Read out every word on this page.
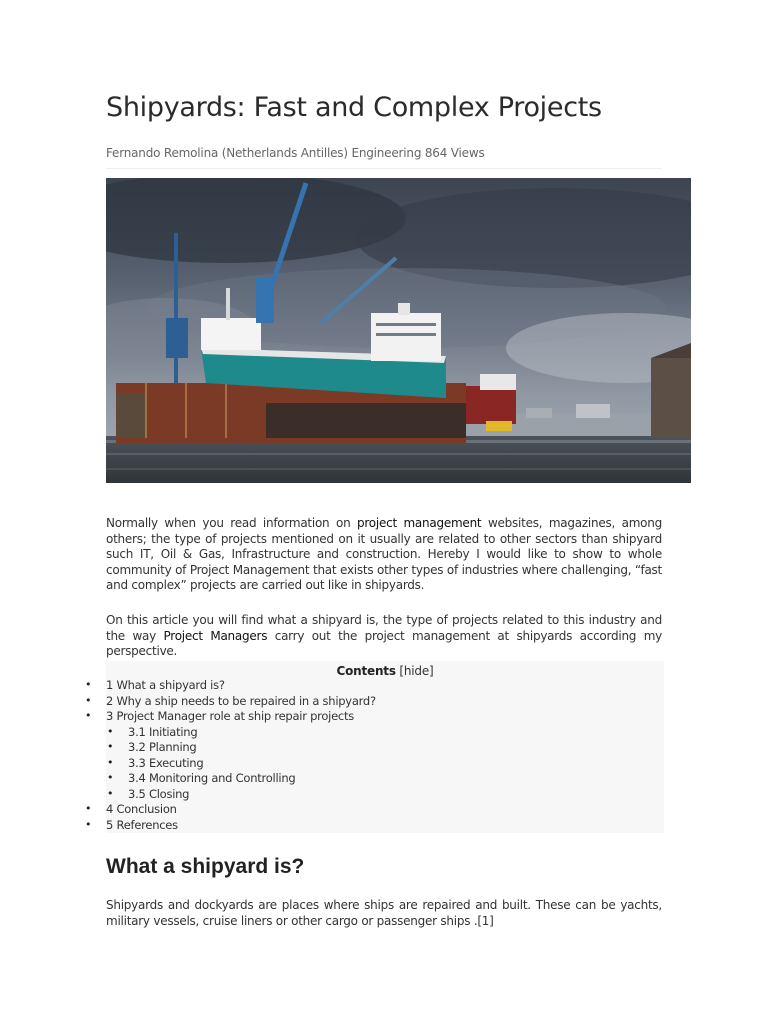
Shipyards: Fast and Complex Projects
Fernando Remolina (Netherlands Antilles) Engineering 864 Views

Normally when you read information on project management websites, magazines, among others; the type of projects mentioned on it usually are related to other sectors than shipyard such IT, Oil & Gas, Infrastructure and construction. Hereby I would like to show to whole community of Project Management that exists other types of industries where challenging, “fast and complex” projects are carried out like in shipyards.

On this article you will find what a shipyard is, the type of projects related to this industry and the way Project Managers carry out the project management at shipyards according my perspective.

Contents [hide]
• 1 What a shipyard is?
• 2 Why a ship needs to be repaired in a shipyard?
• 3 Project Manager role at ship repair projects
• 3.1 Initiating
• 3.2 Planning
• 3.3 Executing
• 3.4 Monitoring and Controlling
• 3.5 Closing
• 4 Conclusion
• 5 References
What a shipyard is?

Shipyards and dockyards are places where ships are repaired and built. These can be yachts, military vessels, cruise liners or other cargo or passenger ships .[1]
